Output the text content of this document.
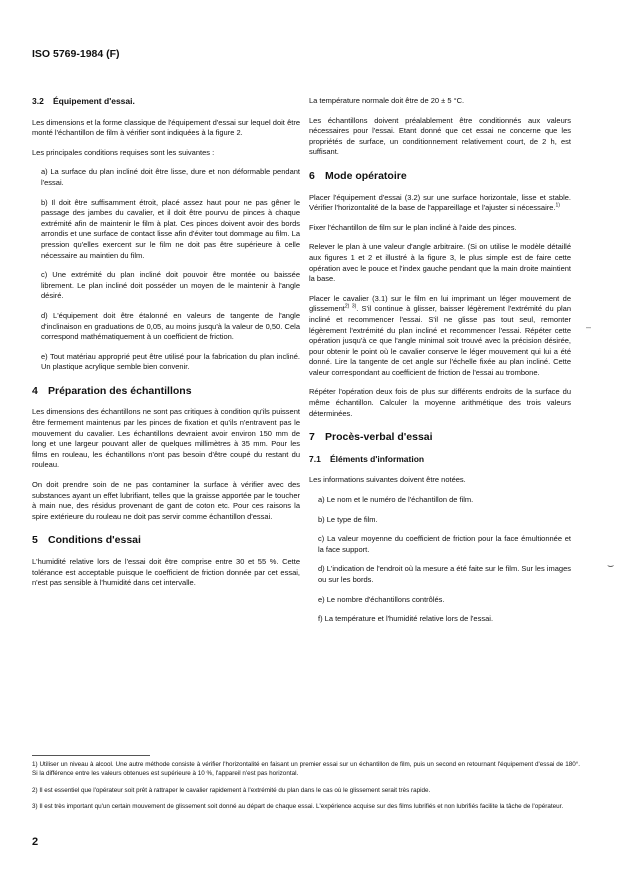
ISO 5769-1984 (F)
3.2 Équipement d'essai.

Les dimensions et la forme classique de l'équipement d'essai sur lequel doit être monté l'échantillon de film à vérifier sont indiquées à la figure 2.

Les principales conditions requises sont les suivantes :

a) La surface du plan incliné doit être lisse, dure et non déformable pendant l'essai.

b) Il doit être suffisamment étroit, placé assez haut pour ne pas gêner le passage des jambes du cavalier, et il doit être pourvu de pinces à chaque extrémité afin de maintenir le film à plat. Ces pinces doivent avoir des bords arrondis et une surface de contact lisse afin d'éviter tout dommage au film. La pression qu'elles exercent sur le film ne doit pas être supérieure à celle nécessaire au maintien du film.

c) Une extrémité du plan incliné doit pouvoir être montée ou baissée librement. Le plan incliné doit posséder un moyen de le maintenir à l'angle désiré.

d) L'équipement doit être étalonné en valeurs de tangente de l'angle d'inclinaison en graduations de 0,05, au moins jusqu'à la valeur de 0,50. Cela correspond mathématiquement à un coefficient de friction.

e) Tout matériau approprié peut être utilisé pour la fabrication du plan incliné. Un plastique acrylique semble bien convenir.

4 Préparation des échantillons

Les dimensions des échantillons ne sont pas critiques à condition qu'ils puissent être fermement maintenus par les pinces de fixation et qu'ils n'entravent pas le mouvement du cavalier. Les échantillons devraient avoir environ 150 mm de long et une largeur pouvant aller de quelques millimètres à 35 mm. Pour les films en rouleau, les échantillons n'ont pas besoin d'être coupé du restant du rouleau.

On doit prendre soin de ne pas contaminer la surface à vérifier avec des substances ayant un effet lubrifiant, telles que la graisse apportée par le toucher à main nue, des résidus provenant de gant de coton etc. Pour ces raisons la spire extérieure du rouleau ne doit pas servir comme échantillon d'essai.

5 Conditions d'essai

L'humidité relative lors de l'essai doit être comprise entre 30 et 55 %. Cette tolérance est acceptable puisque le coefficient de friction donnée par cet essai, n'est pas sensible à l'humidité dans cet intervalle.

La température normale doit être de 20 ± 5 °C.

Les échantillons doivent préalablement être conditionnés aux valeurs nécessaires pour l'essai. Etant donné que cet essai ne concerne que les propriétés de surface, un conditionnement relativement court, de 2 h, est suffisant.

6 Mode opératoire

Placer l'équipement d'essai (3.2) sur une surface horizontale, lisse et stable. Vérifier l'horizontalité de la base de l'appareillage et l'ajuster si nécessaire.$^{1)}$

Fixer l'échantillon de film sur le plan incliné à l'aide des pinces.

Relever le plan à une valeur d'angle arbitraire. (Si on utilise le modèle détaillé aux figures 1 et 2 et illustré à la figure 3, le plus simple est de faire cette opération avec le pouce et l'index gauche pendant que la main droite maintient la base.

Placer le cavalier (3.1) sur le film en lui imprimant un léger mouvement de glissement$^{2) 3)}$. S'il continue à glisser, baisser légèrement l'extrémité du plan incliné et recommencer l'essai. S'il ne glisse pas tout seul, remonter légèrement l'extrémité du plan incliné et recommencer l'essai. Répéter cette opération jusqu'à ce que l'angle minimal soit trouvé avec la précision désirée, pour obtenir le point où le cavalier conserve le léger mouvement qui lui a été donné. Lire la tangente de cet angle sur l'échelle fixée au plan incliné. Cette valeur correspondant au coefficient de friction de l'essai au trombone.

Répéter l'opération deux fois de plus sur différents endroits de la surface du même échantillon. Calculer la moyenne arithmétique des trois valeurs déterminées.

7 Procès-verbal d'essai
7.1 Éléments d'information

Les informations suivantes doivent être notées.

a) Le nom et le numéro de l'échantillon de film.

b) Le type de film.

c) La valeur moyenne du coefficient de friction pour la face émultionnée et la face support.

d) L'indication de l'endroit où la mesure a été faite sur le film. Sur les images ou sur les bords.

e) Le nombre d'échantillons contrôlés.

f) La température et l'humidité relative lors de l'essai.

–
⌣

1) Utiliser un niveau à alcool. Une autre méthode consiste à vérifier l'horizontalité en faisant un premier essai sur un échantillon de film, puis un second en retournant l'équipement d'essai de 180°. Si la différence entre les valeurs obtenues est supérieure à 10 %, l'appareil n'est pas horizontal.

2) Il est essentiel que l'opérateur soit prêt à rattraper le cavalier rapidement à l'extrémité du plan dans le cas où le glissement serait très rapide.

3) Il est très important qu'un certain mouvement de glissement soit donné au départ de chaque essai. L'expérience acquise sur des films lubrifiés et non lubrifiés facilite la tâche de l'opérateur.

2
